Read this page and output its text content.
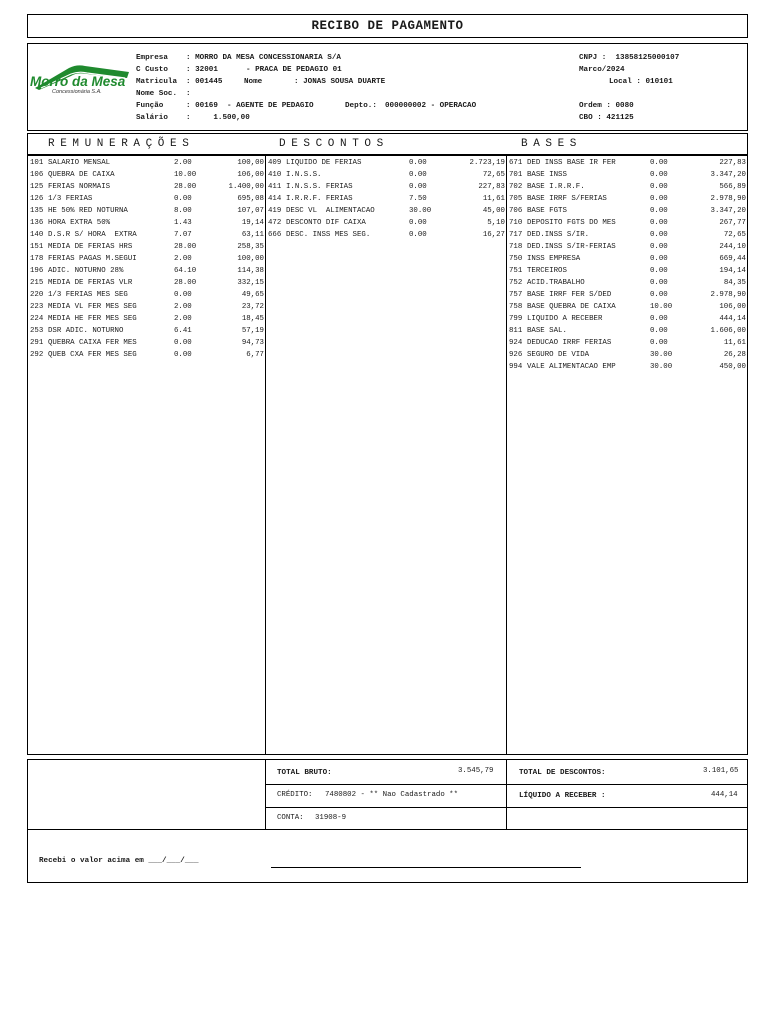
RECIBO DE PAGAMENTO
Morro da Mesa
Concessionária S.A.
Empresa : MORRO DA MESA CONCESSIONARIA S/A
C Custo : 32001	- PRACA DE PEDAGIO 01
Matricula : 001445	Nome	: JONAS SOUSA DUARTE
Nome Soc. :
Função	: 00169  - AGENTE DE PEDAGIO	Depto.: 000000002 - OPERACAO
Salário :     1.500,00
CNPJ :  13858125000107
Marco/2024
Local : 010101
Ordem : 0080
CBO : 421125
REMUNERAÇÕES	DESCONTOS	BASES
101 SALARIO MENSAL	2.00	100,00
106 QUEBRA DE CAIXA	10.00	106,00
125 FERIAS NORMAIS	28.00	1.400,00
126 1/3 FERIAS	0.00	695,08
135 HE 50% RED NOTURNA	8.00	107,07
136 HORA EXTRA 50%	1.43	19,14
140 D.S.R S/ HORA  EXTRA	7.07	63,11
151 MEDIA DE FERIAS HRS	28.00	258,35
178 FERIAS PAGAS M.SEGUI	2.00	100,00
196 ADIC. NOTURNO 28%	64.10	114,38
215 MEDIA DE FERIAS VLR	28.00	332,15
220 1/3 FERIAS MES SEG	0.00	49,65
223 MEDIA VL FER MES SEG	2.00	23,72
224 MEDIA HE FER MES SEG	2.00	18,45
253 DSR ADIC. NOTURNO	6.41	57,19
291 QUEBRA CAIXA FER MES	0.00	94,73
292 QUEB CXA FER MES SEG	0.00	6,77
409 LIQUIDO DE FERIAS	0.00	2.723,19
410 I.N.S.S.	0.00	72,65
411 I.N.S.S. FERIAS	0.00	227,83
414 I.R.R.F. FERIAS	7.50	11,61
419 DESC VL  ALIMENTACAO	30.00	45,00
472 DESCONTO DIF CAIXA	0.00	5,10
666 DESC. INSS MES SEG.	0.00	16,27
671 DED INSS BASE IR FER	0.00	227,83
701 BASE INSS	0.00	3.347,20
702 BASE I.R.R.F.	0.00	566,89
705 BASE IRRF S/FERIAS	0.00	2.978,90
706 BASE FGTS	0.00	3.347,20
710 DEPOSITO FGTS DO MES	0.00	267,77
717 DED.INSS S/IR.	0.00	72,65
718 DED.INSS S/IR-FERIAS	0.00	244,10
750 INSS EMPRESA	0.00	669,44
751 TERCEIROS	0.00	194,14
752 ACID.TRABALHO	0.00	84,35
757 BASE IRRF FER S/DED	0.00	2.978,90
758 BASE QUEBRA DE CAIXA	10.00	106,00
799 LIQUIDO A RECEBER	0.00	444,14
811 BASE SAL.	0.00	1.606,00
924 DEDUCAO IRRF FERIAS	0.00	11,61
926 SEGURO DE VIDA	30.00	26,28
994 VALE ALIMENTACAO EMP	30.00	450,00
TOTAL BRUTO:	3.545,79	TOTAL DE DESCONTOS:	3.101,65
CRÉDITO: 7480802 - ** Nao Cadastrado **	LÍQUIDO A RECEBER :	444,14
CONTA: 31908-9
Recebi o valor acima em ___/___/___
